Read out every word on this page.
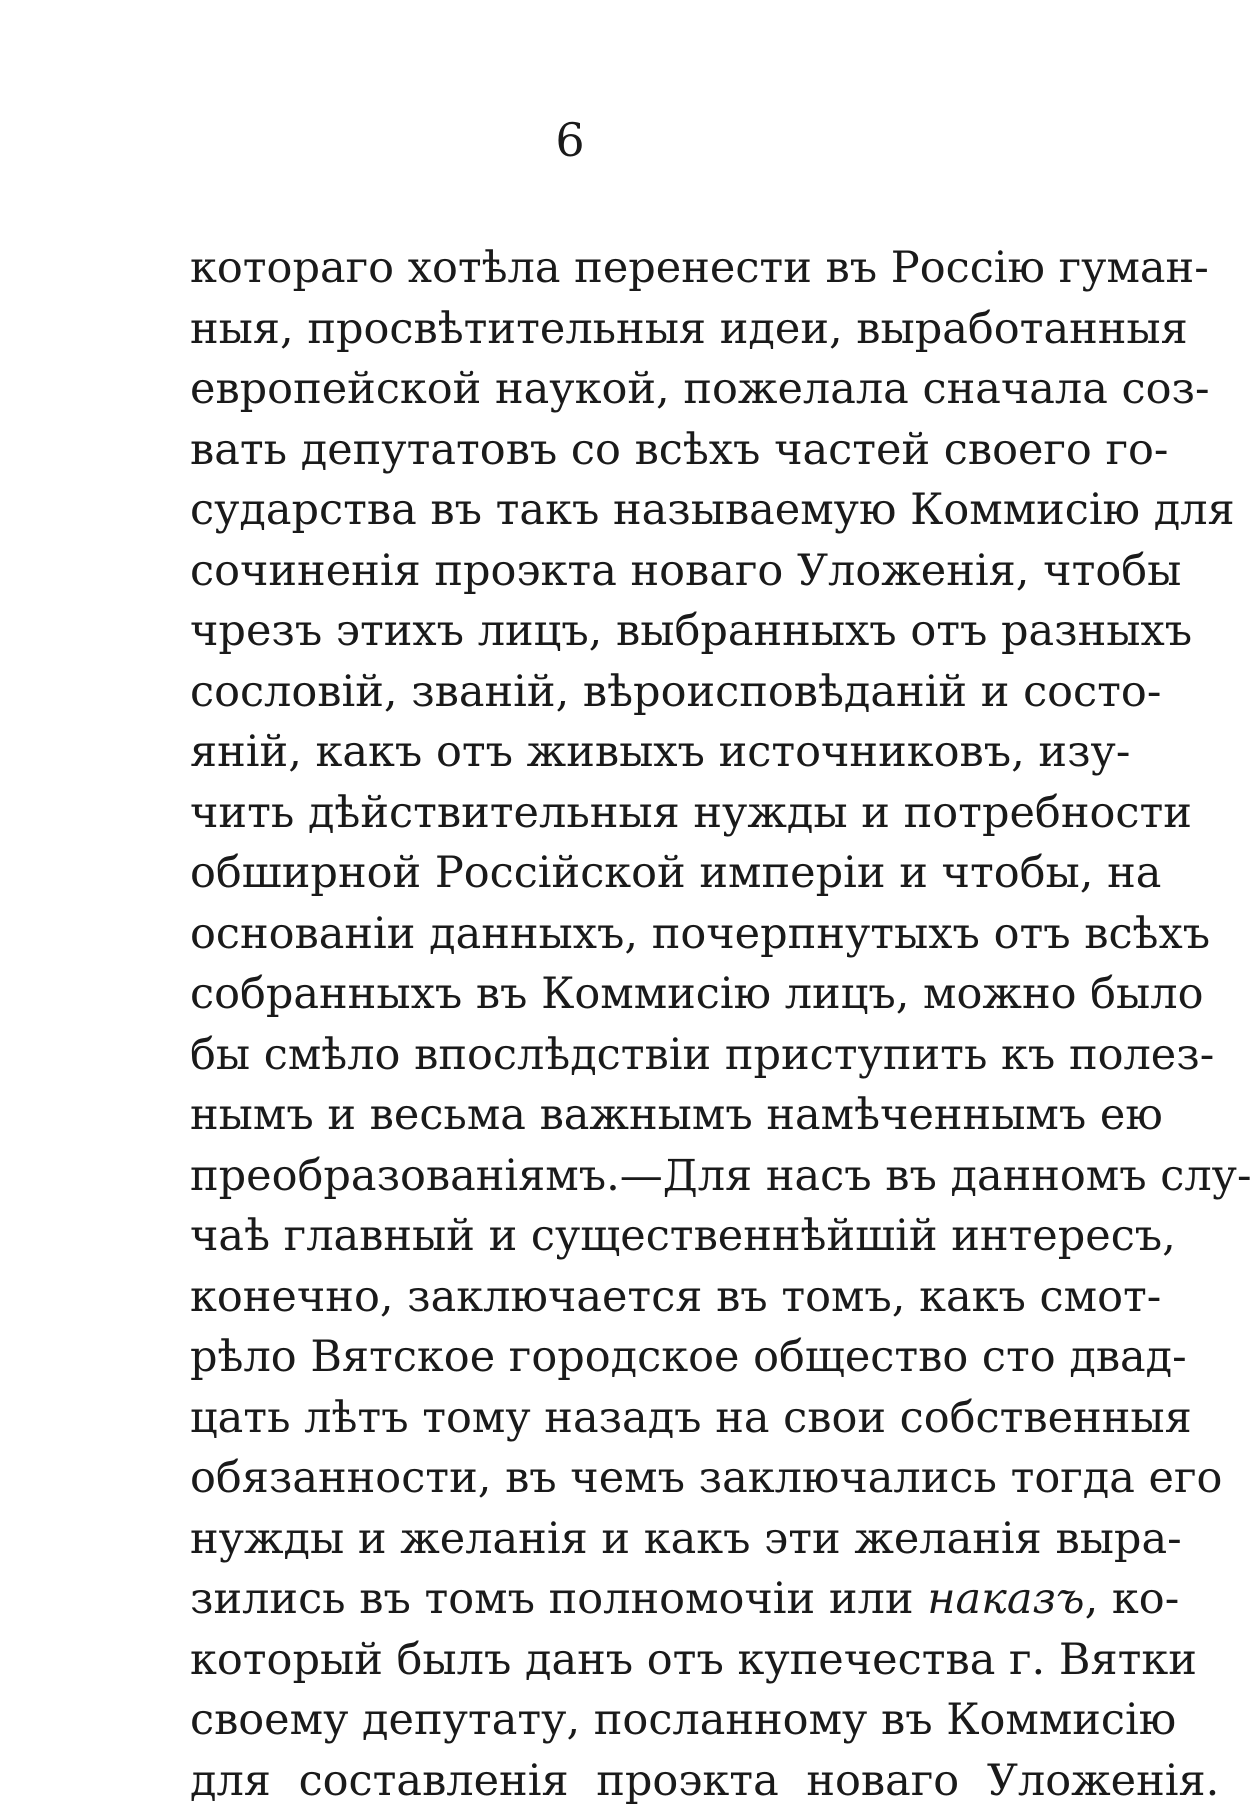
6
котораго хотѣла перенести въ Россію гуман-
ныя, просвѣтительныя идеи, выработанныя
европейской наукой, пожелала сначала соз-
вать депутатовъ со всѣхъ частей своего го-
сударства въ такъ называемую Коммисію для
сочиненія проэкта новаго Уложенія, чтобы
чрезъ этихъ лицъ, выбранныхъ отъ разныхъ
сословій, званій, вѣроисповѣданій и состо-
яній, какъ отъ живыхъ источниковъ, изу-
чить дѣйствительныя нужды и потребности
обширной Россійской имперіи и чтобы, на
основаніи данныхъ, почерпнутыхъ отъ всѣхъ
собранныхъ въ Коммисію лицъ, можно было
бы смѣло впослѣдствіи приступить къ полез-
нымъ и весьма важнымъ намѣченнымъ ею
преобразованіямъ.—Для насъ въ данномъ слу-
чаѣ главный и существеннѣйшій интересъ,
конечно, заключается въ томъ, какъ смот-
рѣло Вятское городское общество сто двад-
цать лѣтъ тому назадъ на свои собственныя
обязанности, въ чемъ заключались тогда его
нужды и желанія и какъ эти желанія выра-
зились въ томъ полномочіи или наказъ, ко-
который былъ данъ отъ купечества г. Вятки
своему депутату, посланному въ Коммисію
для составленія проэкта новаго Уложенія.
